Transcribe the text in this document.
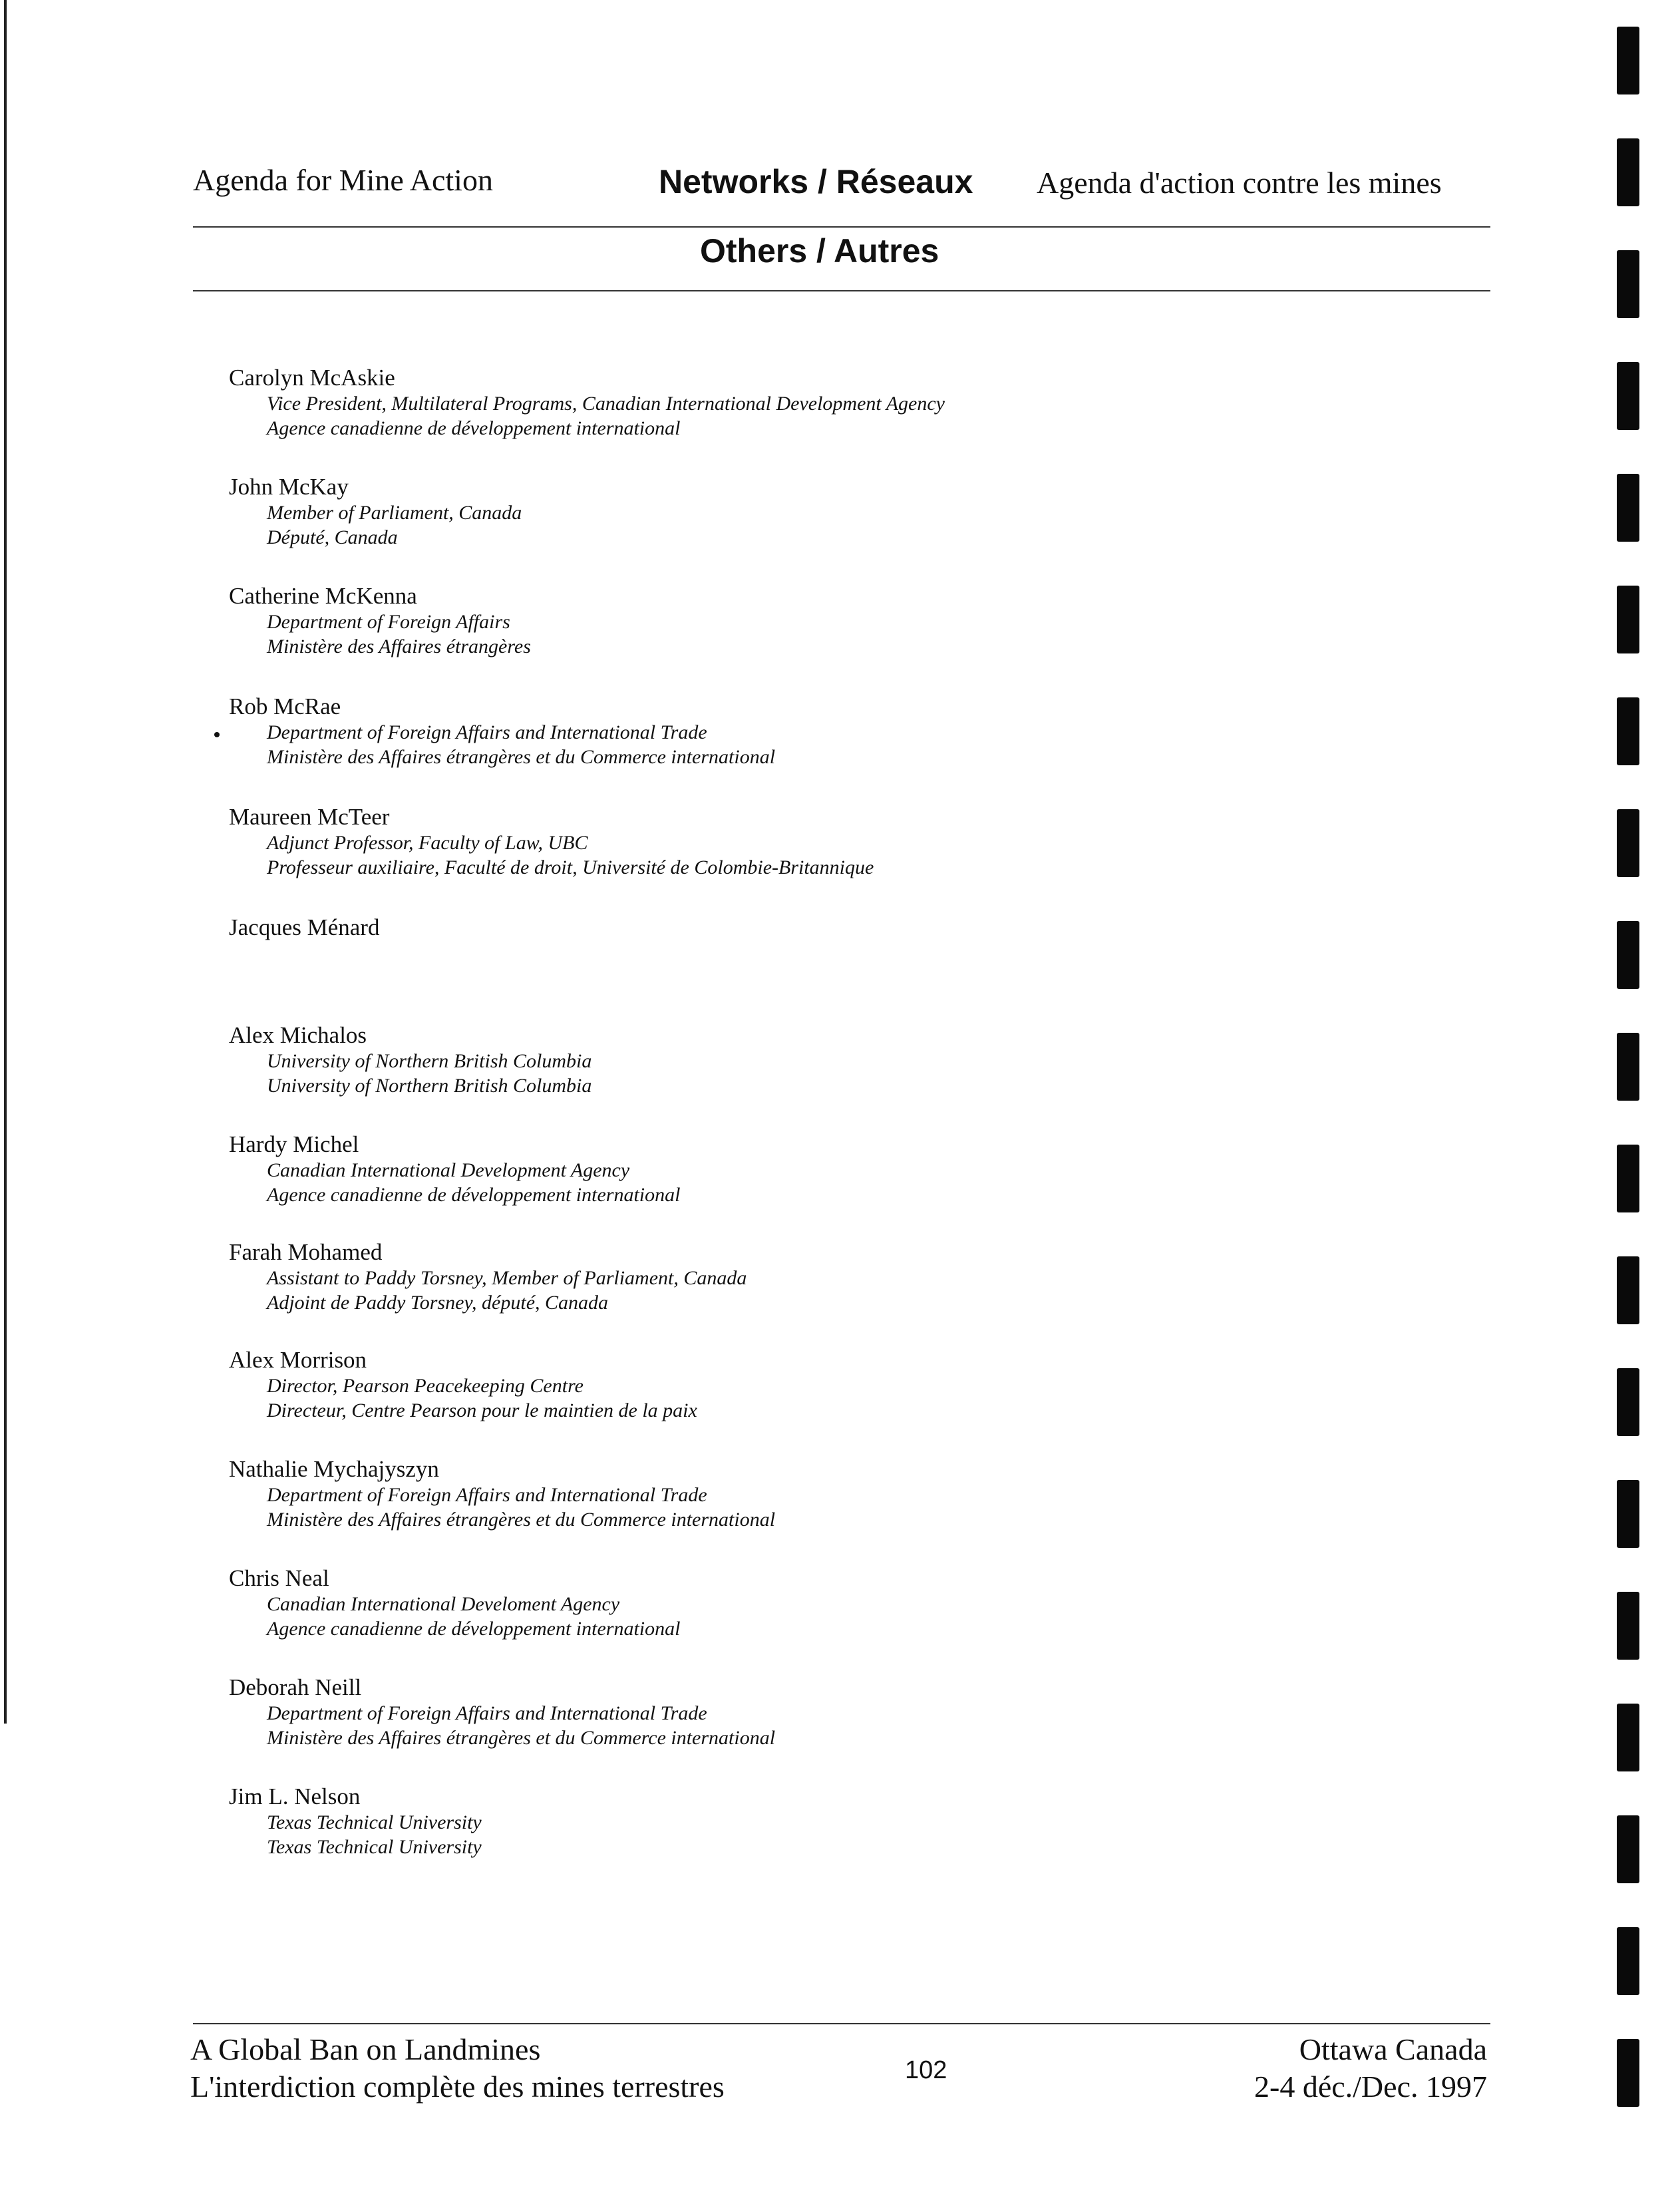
Agenda for Mine Action	Networks / Réseaux Agenda d'action contre les mines
Others / Autres
Carolyn McAskie
Vice President, Multilateral Programs, Canadian International Development Agency
Agence canadienne de développement international
John McKay
Member of Parliament, Canada
Député, Canada
Catherine McKenna
Department of Foreign Affairs
Ministère des Affaires étrangères
Rob McRae
Department of Foreign Affairs and International Trade
Ministère des Affaires étrangères et du Commerce international
Maureen McTeer
Adjunct Professor, Faculty of Law, UBC
Professeur auxiliaire, Faculté de droit, Université de Colombie-Britannique
Jacques Ménard
Alex Michalos
University of Northern British Columbia
University of Northern British Columbia
Hardy Michel
Canadian International Development Agency
Agence canadienne de développement international
Farah Mohamed
Assistant to Paddy Torsney, Member of Parliament, Canada
Adjoint de Paddy Torsney, député, Canada
Alex Morrison
Director, Pearson Peacekeeping Centre
Directeur, Centre Pearson pour le maintien de la paix
Nathalie Mychajyszyn
Department of Foreign Affairs and International Trade
Ministère des Affaires étrangères et du Commerce international
Chris Neal
Canadian International Develoment Agency
Agence canadienne de développement international
Deborah Neill
Department of Foreign Affairs and International Trade
Ministère des Affaires étrangères et du Commerce international
Jim L. Nelson
Texas Technical University
Texas Technical University
A Global Ban on Landmines
L'interdiction complète des mines terrestres	102
Ottawa Canada
2-4 déc./Dec. 1997
